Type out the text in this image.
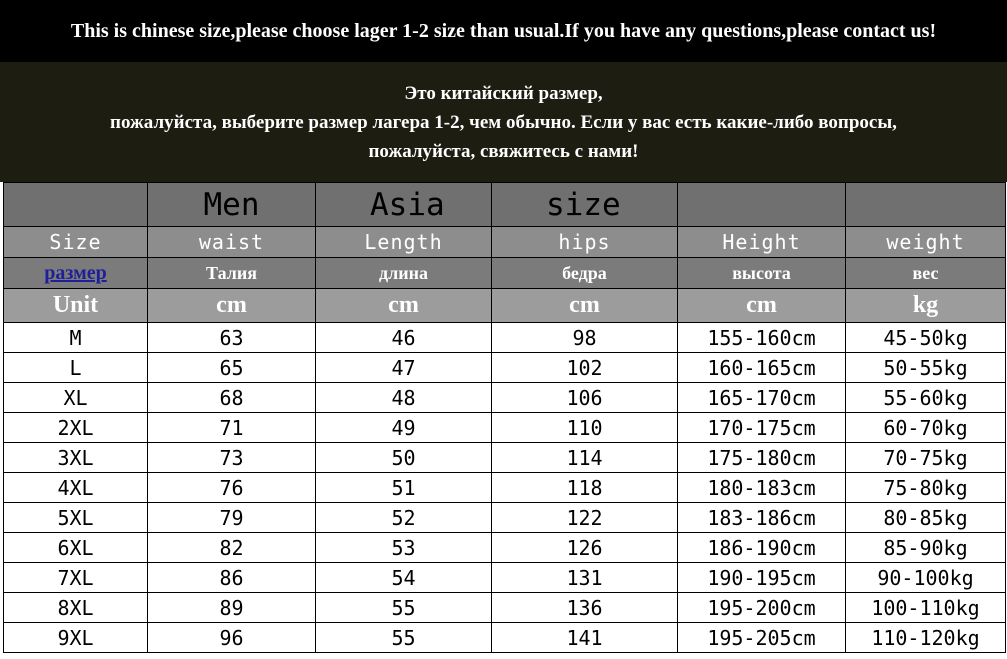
This is chinese size,please choose lager 1-2 size than usual.If you have any questions,please contact us!
Это китайский размер,
пожалуйста, выберите размер лагера 1-2, чем обычно. Если у вас есть какие-либо вопросы,
пожалуйста, свяжитесь с нами!
	Men	Asia	size		
Size	waist	Length	hips	Height	weight
размер	Талия	длина	бедра	высота	вес
Unit	cm	cm	cm	cm	kg
M	63	46	98	155-160cm	45-50kg
L	65	47	102	160-165cm	50-55kg
XL	68	48	106	165-170cm	55-60kg
2XL	71	49	110	170-175cm	60-70kg
3XL	73	50	114	175-180cm	70-75kg
4XL	76	51	118	180-183cm	75-80kg
5XL	79	52	122	183-186cm	80-85kg
6XL	82	53	126	186-190cm	85-90kg
7XL	86	54	131	190-195cm	90-100kg
8XL	89	55	136	195-200cm	100-110kg
9XL	96	55	141	195-205cm	110-120kg
